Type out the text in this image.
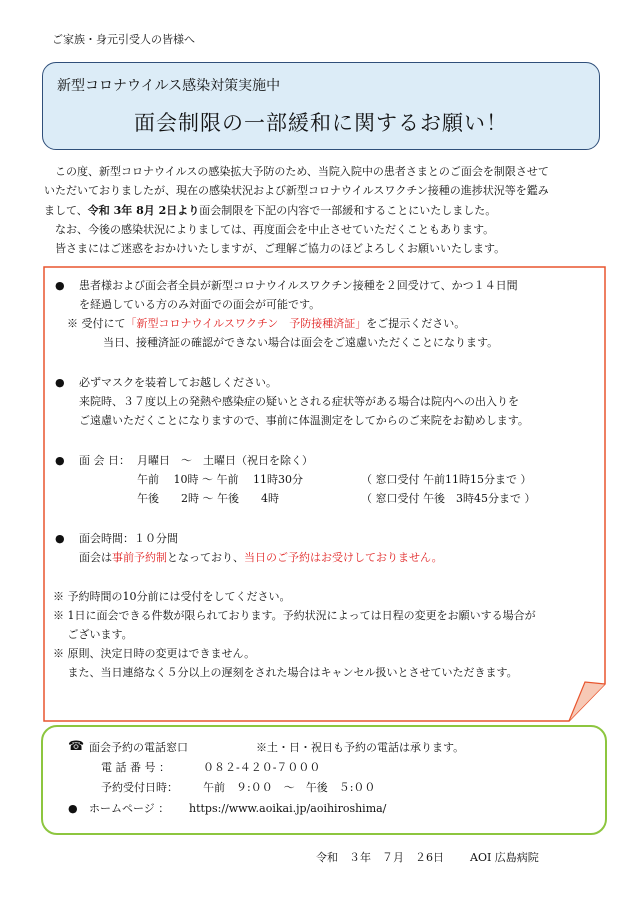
ご家族・身元引受人の皆様へ
新型コロナウイルス感染対策実施中
面会制限の一部緩和に関するお願い！
　この度、新型コロナウイルスの感染拡大予防のため、当院入院中の患者さまとのご面会を制限させて
いただいておりましたが、現在の感染状況および新型コロナウイルスワクチン接種の進捗状況等を鑑み
まして、令和 3年 8月 2日より面会制限を下記の内容で一部緩和することにいたしました。
　なお、今後の感染状況によりましては、再度面会を中止させていただくこともあります。
　皆さまにはご迷惑をおかけいたしますが、ご理解ご協力のほどよろしくお願いいたします。
● 患者様および面会者全員が新型コロナウイルスワクチン接種を２回受けて、かつ１４日間
を経過している方のみ対面での面会が可能です。
※ 受付にて「新型コロナウイルスワクチン　予防接種済証」をご提示ください。
当日、接種済証の確認ができない場合は面会をご遠慮いただくことになります。
● 必ずマスクを装着してお越しください。
来院時、３７度以上の発熱や感染症の疑いとされる症状等がある場合は院内への出入りを
ご遠慮いただくことになりますので、事前に体温測定をしてからのご来院をお勧めします。
● 面 会 日： 月曜日　～　土曜日（祝日を除く）
午前　 10時 ～ 午前　 11時30分	（ 窓口受付 午前11時15分まで ）
午後　　2時 ～ 午後　　4時	（ 窓口受付 午後　3時45分まで ）
● 面会時間：１０分間
面会は事前予約制となっており、当日のご予約はお受けしておりません。
※ 予約時間の10分前には受付をしてください。
※ 1日に面会できる件数が限られております。予約状況によっては日程の変更をお願いする場合が
　 ございます。
※ 原則、決定日時の変更はできません。
　 また、当日連絡なく５分以上の遅刻をされた場合はキャンセル扱いとさせていただきます。
☎ 面会予約の電話窓口	※土・日・祝日も予約の電話は承ります。
電 話 番 号 ：	０８２-４２０-７０００
予約受付日時： 午前　９:００　～　午後　５:００
● ホームページ ： https://www.aoikai.jp/aoihiroshima/
令和　３年　７月　２6日 AOI 広島病院
